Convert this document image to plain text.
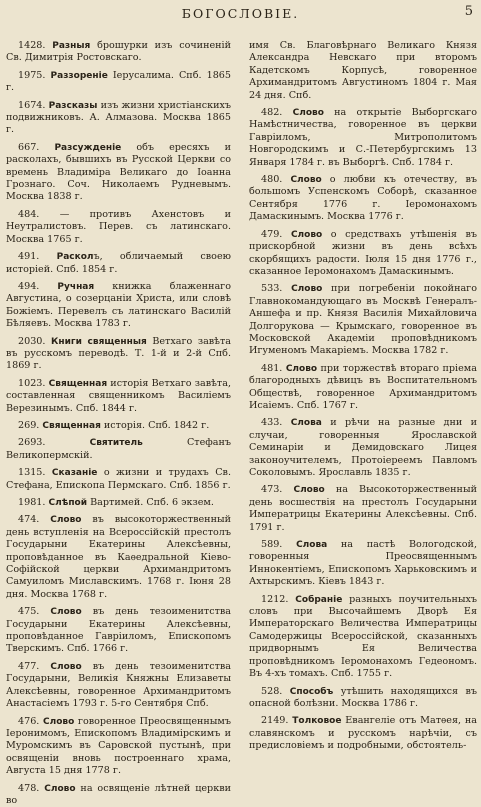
БОГОСЛОВІЕ.	5
1428. Разныя брошурки изъ сочиненій Св. Димитрія Ростовскаго.
1975. Раззореніе Іерусалима. Спб. 1865 г.
1674. Разсказы изъ жизни христіанскихъ подвижниковъ. А. Алмазова. Москва 1865 г.
667. Разсужденіе объ ересяхъ и расколахъ, бывшихъ въ Русской Церкви со времень Владиміра Великаго до Іоанна Грознаго. Соч. Николаемъ Рудневымъ. Москва 1838 г.
484. — противъ Ахенстовъ и Неутралистовъ. Перев. съ латинскаго. Москва 1765 г.
491. Расколъ, обличаемый своею исторіей. Спб. 1854 г.
494. Ручная книжка блаженнаго Августина, о созерцаніи Христа, или словѣ Божіемъ. Перевелъ съ латинскаго Василій Бѣляевъ. Москва 1783 г.
2030. Книги священныя Ветхаго завѣта въ русскомъ переводѣ. Т. 1-й и 2-й Спб. 1869 г.
1023. Священная исторія Ветхаго завѣта, составленная священникомъ Василіемъ Верезинымъ. Спб. 1844 г.
269. Священная исторія. Спб. 1842 г.
2693. Святитель Стефанъ Великопермскій.
1315. Сказаніе о жизни и трудахъ Св. Стефана, Епископа Пермскаго. Спб. 1856 г.
1981. Слѣпой Вартимей. Спб. 6 экзем.
474. Слово въ высокоторжественный день вступленія на Всероссійскій престолъ Государыни Екатерины Алексѣевны, проповѣданное въ Каѳедральной Кіево-Софійской церкви Архимандритомъ Самуиломъ Миславскимъ. 1768 г. Іюня 28 дня. Москва 1768 г.
475. Слово въ день тезоименитства Государыни Екатерины Алексѣевны, проповѣданное Гавріиломъ, Епископомъ Тверскимъ. Спб. 1766 г.
477. Слово въ день тезоименитства Государыни, Великія Княжны Елизаветы Алексѣевны, говоренное Архимандритомъ Анастасіемъ 1793 г. 5-го Сентября Спб.
476. Слово говоренное Преосвященнымъ Іеронимомъ, Епископомъ Владимірскимъ и Муромскимъ въ Саровской пустынѣ, при освященіи вновь построеннаго храма, Августа 15 дня 1778 г.
478. Слово на освященіе лѣтней церкви во
имя Св. Благовѣрнаго Великаго Князя Александра Невскаго при второмъ Кадетскомъ Корпусѣ, говоренное Архимандритомъ Августиномъ 1804 г. Мая 24 дня. Спб.
482. Слово на открытіе Выборгскаго Намѣстничества, говоренное въ церкви Гавріиломъ, Митрополитомъ Новгородскимъ и С.-Петербургскимъ 13 Января 1784 г. въ Выборгѣ. Спб. 1784 г.
480. Слово о любви къ отечеству, въ большомъ Успенскомъ Соборѣ, сказанное Сентября 1776 г. Іеромонахомъ Дамаскинымъ. Москва 1776 г.
479. Слово о средствахъ утѣшенія въ прискорбной жизни въ день всѣхъ скорбящихъ радости. Іюля 15 дня 1776 г., сказанное Іеромонахомъ Дамаскинымъ.
533. Слово при погребеніи покойнаго Главнокомандующаго въ Москвѣ Генералъ-Аншефа и пр. Князя Василія Михайловича Долгорукова — Крымскаго, говоренное въ Московской Академіи проповѣдникомъ Игуменомъ Макаріемъ. Москва 1782 г.
481. Слово при торжествѣ втораго пріема благородныхъ дѣвицъ въ Воспитательномъ Обществѣ, говоренное Архимандритомъ Исаіемъ. Спб. 1767 г.
433. Слова и рѣчи на разные дни и случаи, говоренныя Ярославской Семинаріи и Демидовскаго Лицея законоучителемъ, Протоіереемъ Павломъ Соколовымъ. Ярославль 1835 г.
473. Слово на Высокоторжественный день восшествія на престолъ Государыни Императрицы Екатерины Алексѣевны. Спб. 1791 г.
589. Слова на пастѣ Вологодской, говоренныя Преосвященнымъ Иннокентіемъ, Епископомъ Харьковскимъ и Ахтырскимъ. Кіевъ 1843 г.
1212. Собраніе разныхъ поучительныхъ словъ при Высочайшемъ Дворѣ Ея Императорскаго Величества Императрицы Самодержицы Всероссійской, сказанныхъ придворнымъ Ея Величества проповѣдникомъ Іеромонахомъ Гедеономъ. Въ 4-хъ томахъ. Спб. 1755 г.
528. Способъ утѣшить находящихся въ опасной болѣзни. Москва 1786 г.
2149. Толковое Евангеліе отъ Матѳея, на славянскомъ и русскомъ нарѣчіи, съ предисловіемъ и подробными, обстоятель-
